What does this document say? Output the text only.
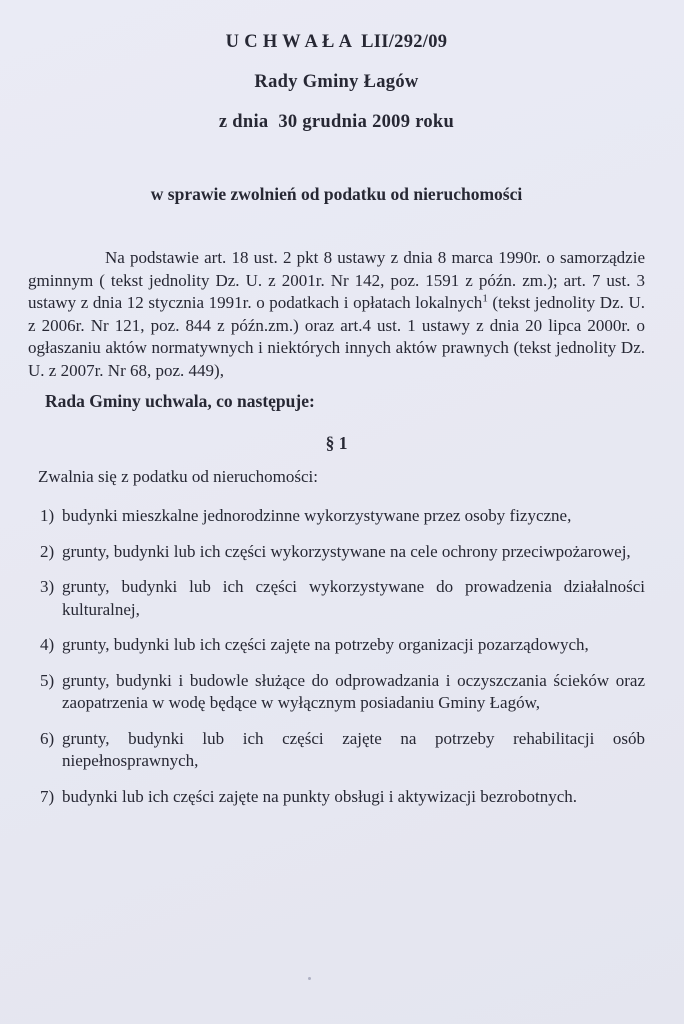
U C H W A Ł A  LII/292/09
Rady Gminy Łagów
z dnia  30 grudnia 2009 roku
w sprawie zwolnień od podatku od nieruchomości

Na podstawie art. 18 ust. 2 pkt 8 ustawy z dnia 8 marca 1990r. o samorządzie gminnym ( tekst jednolity Dz. U. z 2001r. Nr 142, poz. 1591 z późn. zm.); art. 7 ust. 3 ustawy z dnia 12 stycznia 1991r. o podatkach i opłatach lokalnych$^1$ (tekst jednolity Dz. U. z 2006r. Nr 121, poz. 844 z późn.zm.) oraz art.4 ust. 1 ustawy z dnia 20 lipca 2000r. o ogłaszaniu aktów normatywnych i niektórych innych aktów prawnych (tekst jednolity Dz. U. z 2007r. Nr 68, poz. 449),

Rada Gminy uchwala, co następuje:
§ 1
Zwalnia się z podatku od nieruchomości:
1) budynki mieszkalne jednorodzinne wykorzystywane przez osoby fizyczne,
2) grunty, budynki lub ich części wykorzystywane na cele ochrony przeciwpożarowej,
3) grunty, budynki lub ich części wykorzystywane do prowadzenia działalności kulturalnej,
4) grunty, budynki lub ich części zajęte na potrzeby organizacji pozarządowych,
5) grunty, budynki i budowle służące do odprowadzania i oczyszczania ścieków oraz zaopatrzenia w wodę będące w wyłącznym posiadaniu Gminy Łagów,
6) grunty, budynki lub ich części zajęte na potrzeby rehabilitacji osób niepełnosprawnych,
7) budynki lub ich części zajęte na punkty obsługi i aktywizacji bezrobotnych.
